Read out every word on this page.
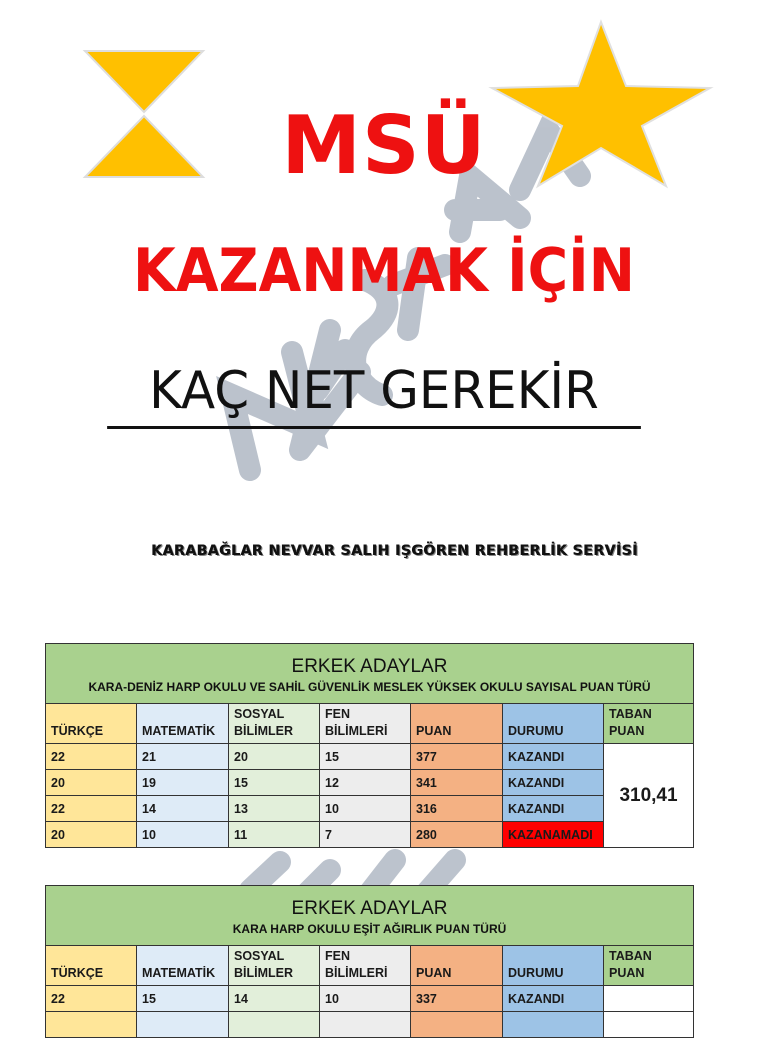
MSÜ
KAZANMAK İÇİN
KAÇ NET GEREKİR
KARABAĞLAR NEVVAR SALIH IŞGÖREN REHBERLİK SERVİSİ
ERKEK ADAYLAR
KARA-DENİZ HARP OKULU VE SAHİL GÜVENLİK MESLEK YÜKSEK OKULU SAYISAL PUAN TÜRÜ						

TÜRKÇE	MATEMATİK	SOSYAL BİLİMLER	FEN BİLİMLERİ	PUAN	DURUMU	TABAN PUAN
22	21	20	15	377	KAZANDI	310,41
20	19	15	12	341	KAZANDI	
22	14	13	10	316	KAZANDI	
20	10	11	7	280	KAZANAMADI	
ERKEK ADAYLAR
KARA HARP OKULU EŞİT AĞIRLIK PUAN TÜRÜ						

TÜRKÇE	MATEMATİK	SOSYAL BİLİMLER	FEN BİLİMLERİ	PUAN	DURUMU	TABAN PUAN
22	15	14	10	337	KAZANDI	
